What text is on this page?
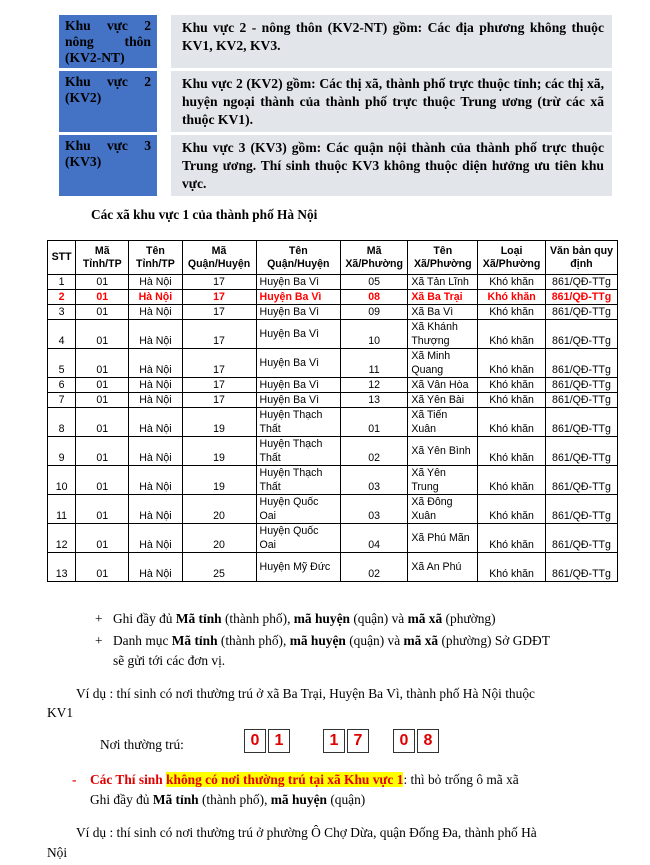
Khu vực 2 nông thôn (KV2-NT)		Khu vực 2 - nông thôn (KV2-NT) gồm: Các địa phương không thuộc KV1, KV2, KV3.
Khu vực 2 (KV2)		Khu vực 2 (KV2) gồm: Các thị xã, thành phố trực thuộc tỉnh; các thị xã, huyện ngoại thành của thành phố trực thuộc Trung ương (trừ các xã thuộc KV1).
Khu vực 3 (KV3)		Khu vực 3 (KV3) gồm: Các quận nội thành của thành phố trực thuộc Trung ương. Thí sinh thuộc KV3 không thuộc diện hưởng ưu tiên khu vực.
Các xã khu vực 1 của thành phố Hà Nội
STT	Mã Tỉnh/TP	Tên Tỉnh/TP	Mã Quận/Huyện	Tên Quận/Huyện	Mã Xã/Phường	Tên Xã/Phường	Loại Xã/Phường	Văn bản quy định
1	01	Hà Nội	17	Huyện Ba Vì	05	Xã Tản Lĩnh	Khó khăn	861/QĐ-TTg
2	01	Hà Nội	17	Huyện Ba Vì	08	Xã Ba Trại	Khó khăn	861/QĐ-TTg
3	01	Hà Nội	17	Huyện Ba Vì	09	Xã Ba Vì	Khó khăn	861/QĐ-TTg
4	01	Hà Nội	17	Huyện Ba Vì	10	Xã Khánh Thượng	Khó khăn	861/QĐ-TTg
5	01	Hà Nội	17	Huyện Ba Vì	11	Xã Minh Quang	Khó khăn	861/QĐ-TTg
6	01	Hà Nội	17	Huyện Ba Vì	12	Xã Vân Hòa	Khó khăn	861/QĐ-TTg
7	01	Hà Nội	17	Huyện Ba Vì	13	Xã Yên Bài	Khó khăn	861/QĐ-TTg
8	01	Hà Nội	19	Huyện Thạch Thất	01	Xã Tiến Xuân	Khó khăn	861/QĐ-TTg
9	01	Hà Nội	19	Huyện Thạch Thất	02	Xã Yên Bình	Khó khăn	861/QĐ-TTg
10	01	Hà Nội	19	Huyện Thạch Thất	03	Xã Yên Trung	Khó khăn	861/QĐ-TTg
11	01	Hà Nội	20	Huyện Quốc Oai	03	Xã Đông Xuân	Khó khăn	861/QĐ-TTg
12	01	Hà Nội	20	Huyện Quốc Oai	04	Xã Phú Mãn	Khó khăn	861/QĐ-TTg
13	01	Hà Nội	25	Huyện Mỹ Đức	02	Xã An Phú	Khó khăn	861/QĐ-TTg
+ Ghi đầy đủ Mã tỉnh (thành phố), mã huyện (quận) và mã xã (phường)
+ Danh mục Mã tỉnh (thành phố), mã huyện (quận) và mã xã (phường) Sở GDĐT
sẽ gửi tới các đơn vị.
Ví dụ : thí sinh có nơi thường trú ở xã Ba Trại, Huyện Ba Vì, thành phố Hà Nội thuộc
KV1
Nơi thường trú:	0 1	1 7	0 8
- Các Thí sinh không có nơi thường trú tại xã Khu vực 1: thì bỏ trống ô mã xã
Ghi đầy đủ Mã tỉnh (thành phố), mã huyện (quận)
Ví dụ : thí sinh có nơi thường trú ở phường Ô Chợ Dừa, quận Đống Đa, thành phố Hà
Nội
